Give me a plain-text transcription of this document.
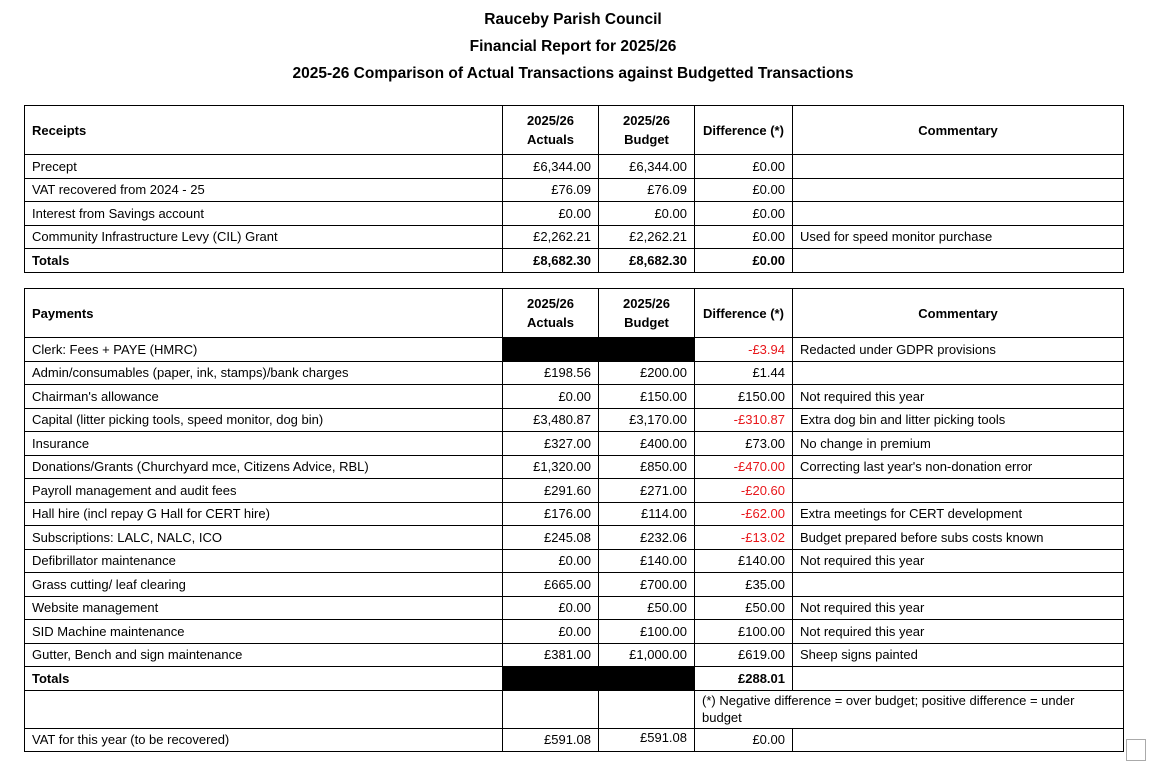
Rauceby Parish Council
Financial Report for 2025/26
2025-26 Comparison of Actual Transactions against Budgetted Transactions
Receipts	2025/26 Actuals	2025/26 Budget	Difference (*)	Commentary
Precept	£6,344.00	£6,344.00	£0.00	
VAT recovered from 2024 - 25	£76.09	£76.09	£0.00	
Interest from Savings account	£0.00	£0.00	£0.00	
Community Infrastructure Levy (CIL) Grant	£2,262.21	£2,262.21	£0.00	Used for speed monitor purchase
Totals	£8,682.30	£8,682.30	£0.00	
Payments	2025/26 Actuals	2025/26 Budget	Difference (*)	Commentary
Clerk: Fees + PAYE (HMRC)			-£3.94	Redacted under GDPR provisions
Admin/consumables (paper, ink, stamps)/bank charges	£198.56	£200.00	£1.44	
Chairman's allowance	£0.00	£150.00	£150.00	Not required this year
Capital (litter picking tools, speed monitor, dog bin)	£3,480.87	£3,170.00	-£310.87	Extra dog bin and litter picking tools
Insurance	£327.00	£400.00	£73.00	No change in premium
Donations/Grants (Churchyard mce, Citizens Advice, RBL)	£1,320.00	£850.00	-£470.00	Correcting last year's non-donation error
Payroll management and audit fees	£291.60	£271.00	-£20.60	
Hall hire (incl repay G Hall for CERT hire)	£176.00	£114.00	-£62.00	Extra meetings for CERT development
Subscriptions: LALC, NALC, ICO	£245.08	£232.06	-£13.02	Budget prepared before subs costs known
Defibrillator maintenance	£0.00	£140.00	£140.00	Not required this year
Grass cutting/ leaf clearing	£665.00	£700.00	£35.00	
Website management	£0.00	£50.00	£50.00	Not required this year
SID Machine maintenance	£0.00	£100.00	£100.00	Not required this year
Gutter, Bench and sign maintenance	£381.00	£1,000.00	£619.00	Sheep signs painted
Totals			£288.01	
			(*) Negative difference = over budget; positive difference = under budget	
VAT for this year (to be recovered)	£591.08	£591.08	£0.00	
